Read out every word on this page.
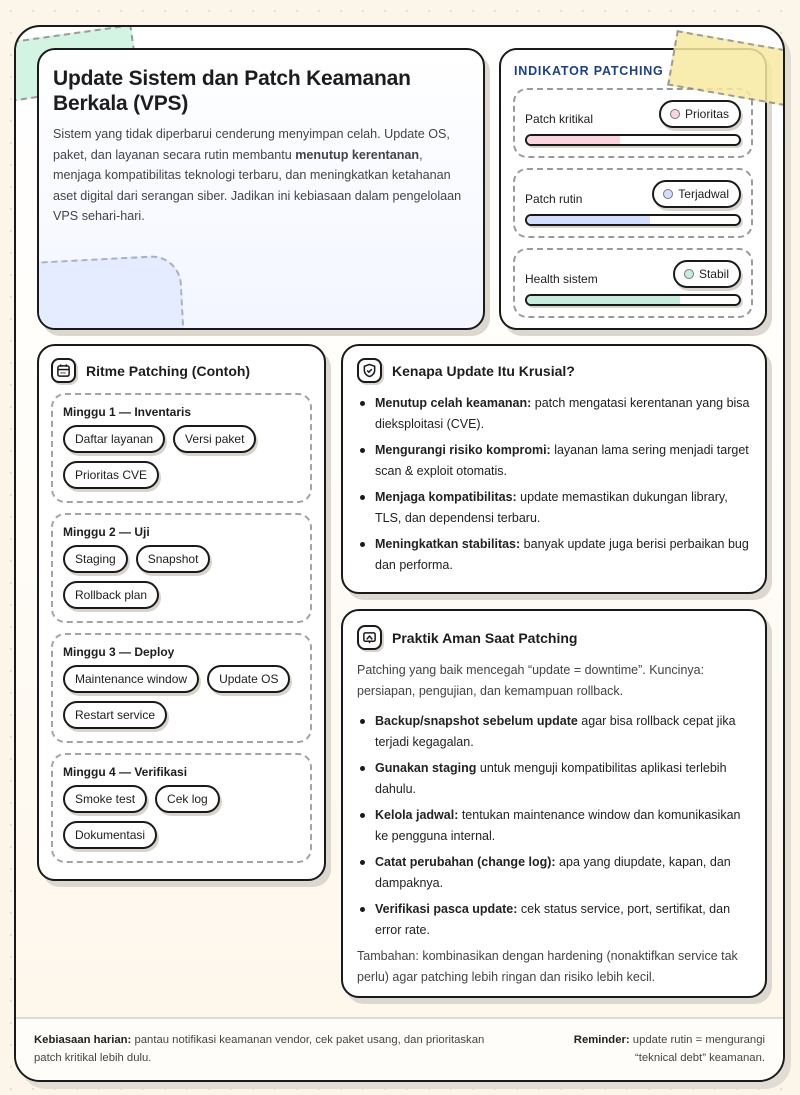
Update Sistem dan Patch Keamanan Berkala (VPS)

Sistem yang tidak diperbarui cenderung menyimpan celah. Update OS, paket, dan layanan secara rutin membantu menutup kerentanan, menjaga kompatibilitas teknologi terbaru, dan meningkatkan ketahanan aset digital dari serangan siber. Jadikan ini kebiasaan dalam pengelolaan VPS sehari-hari.

INDIKATOR PATCHING
Patch kritikal	Prioritas
Patch rutin	Terjadwal
Health sistem	Stabil
Ritme Patching (Contoh)
Minggu 1 — Inventaris
Daftar layanan	Versi paket
Prioritas CVE
Minggu 2 — Uji
Staging	Snapshot
Rollback plan
Minggu 3 — Deploy
Maintenance window	Update OS
Restart service
Minggu 4 — Verifikasi
Smoke test	Cek log
Dokumentasi
Kenapa Update Itu Krusial?
Menutup celah keamanan: patch mengatasi kerentanan yang bisa dieksploitasi (CVE).
Mengurangi risiko kompromi: layanan lama sering menjadi target scan & exploit otomatis.
Menjaga kompatibilitas: update memastikan dukungan library, TLS, dan dependensi terbaru.
Meningkatkan stabilitas: banyak update juga berisi perbaikan bug dan performa.
Praktik Aman Saat Patching

Patching yang baik mencegah “update = downtime”. Kuncinya: persiapan, pengujian, dan kemampuan rollback.

Backup/snapshot sebelum update agar bisa rollback cepat jika terjadi kegagalan.
Gunakan staging untuk menguji kompatibilitas aplikasi terlebih dahulu.
Kelola jadwal: tentukan maintenance window dan komunikasikan ke pengguna internal.
Catat perubahan (change log): apa yang diupdate, kapan, dan dampaknya.
Verifikasi pasca update: cek status service, port, sertifikat, dan error rate.

Tambahan: kombinasikan dengan hardening (nonaktifkan service tak perlu) agar patching lebih ringan dan risiko lebih kecil.

Kebiasaan harian: pantau notifikasi keamanan vendor, cek paket usang, dan prioritaskan patch kritikal lebih dulu.
Reminder: update rutin = mengurangi “teknical debt” keamanan.
